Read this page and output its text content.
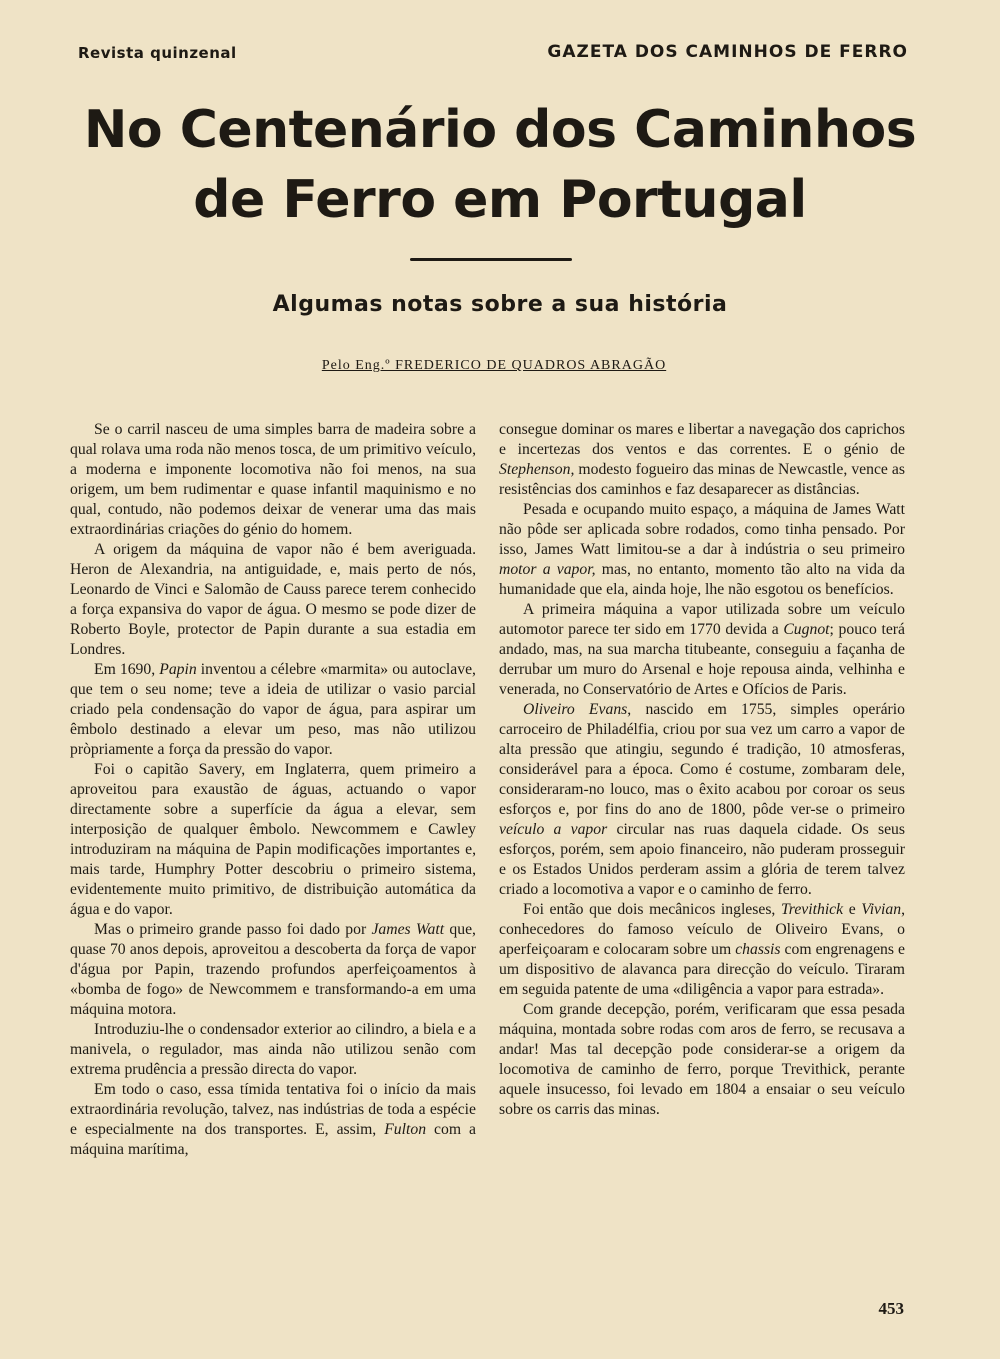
Revista quinzenal	GAZETA DOS CAMINHOS DE FERRO
No Centenário dos Caminhos
de Ferro em Portugal
Algumas notas sobre a sua história
Pelo Eng.º FREDERICO DE QUADROS ABRAGÃO

Se o carril nasceu de uma simples barra de madeira sobre a qual rolava uma roda não menos tosca, de um primitivo veículo, a moderna e imponente locomotiva não foi menos, na sua origem, um bem rudimentar e quase infantil maquinismo e no qual, contudo, não podemos deixar de venerar uma das mais extraordinárias criações do génio do homem.

A origem da máquina de vapor não é bem averiguada. Heron de Alexandria, na antiguidade, e, mais perto de nós, Leonardo de Vinci e Salomão de Causs parece terem conhecido a força expansiva do vapor de água. O mesmo se pode dizer de Roberto Boyle, protector de Papin durante a sua estadia em Londres.

Em 1690, Papin inventou a célebre «marmita» ou autoclave, que tem o seu nome; teve a ideia de utilizar o vasio parcial criado pela condensação do vapor de água, para aspirar um êmbolo destinado a elevar um peso, mas não utilizou pròpriamente a força da pressão do vapor.

Foi o capitão Savery, em Inglaterra, quem primeiro a aproveitou para exaustão de águas, actuando o vapor directamente sobre a superfície da água a elevar, sem interposição de qualquer êmbolo. Newcommem e Cawley introduziram na máquina de Papin modificações importantes e, mais tarde, Humphry Potter descobriu o primeiro sistema, evidentemente muito primitivo, de distribuição automática da água e do vapor.

Mas o primeiro grande passo foi dado por James Watt que, quase 70 anos depois, aproveitou a descoberta da força de vapor d'água por Papin, trazendo profundos aperfeiçoamentos à «bomba de fogo» de Newcommem e transformando-a em uma máquina motora.

Introduziu-lhe o condensador exterior ao cilindro, a biela e a manivela, o regulador, mas ainda não utilizou senão com extrema prudência a pressão directa do vapor.

Em todo o caso, essa tímida tentativa foi o início da mais extraordinária revolução, talvez, nas indústrias de toda a espécie e especialmente na dos transportes. E, assim, Fulton com a máquina marítima,

consegue dominar os mares e libertar a navegação dos caprichos e incertezas dos ventos e das correntes. E o génio de Stephenson, modesto fogueiro das minas de Newcastle, vence as resistências dos caminhos e faz desaparecer as distâncias.

Pesada e ocupando muito espaço, a máquina de James Watt não pôde ser aplicada sobre rodados, como tinha pensado. Por isso, James Watt limitou-se a dar à indústria o seu primeiro motor a vapor, mas, no entanto, momento tão alto na vida da humanidade que ela, ainda hoje, lhe não esgotou os benefícios.

A primeira máquina a vapor utilizada sobre um veículo automotor parece ter sido em 1770 devida a Cugnot; pouco terá andado, mas, na sua marcha titubeante, conseguiu a façanha de derrubar um muro do Arsenal e hoje repousa ainda, velhinha e venerada, no Conservatório de Artes e Ofícios de Paris.

Oliveiro Evans, nascido em 1755, simples operário carroceiro de Philadélfia, criou por sua vez um carro a vapor de alta pressão que atingiu, segundo é tradição, 10 atmosferas, considerável para a época. Como é costume, zombaram dele, consideraram-no louco, mas o êxito acabou por coroar os seus esforços e, por fins do ano de 1800, pôde ver-se o primeiro veículo a vapor circular nas ruas daquela cidade. Os seus esforços, porém, sem apoio financeiro, não puderam prosseguir e os Estados Unidos perderam assim a glória de terem talvez criado a locomotiva a vapor e o caminho de ferro.

Foi então que dois mecânicos ingleses, Trevithick e Vivian, conhecedores do famoso veículo de Oliveiro Evans, o aperfeiçoaram e colocaram sobre um chassis com engrenagens e um dispositivo de alavanca para direcção do veículo. Tiraram em seguida patente de uma «diligência a vapor para estrada».

Com grande decepção, porém, verificaram que essa pesada máquina, montada sobre rodas com aros de ferro, se recusava a andar! Mas tal decepção pode considerar-se a origem da locomotiva de caminho de ferro, porque Trevithick, perante aquele insucesso, foi levado em 1804 a ensaiar o seu veículo sobre os carris das minas.

453
